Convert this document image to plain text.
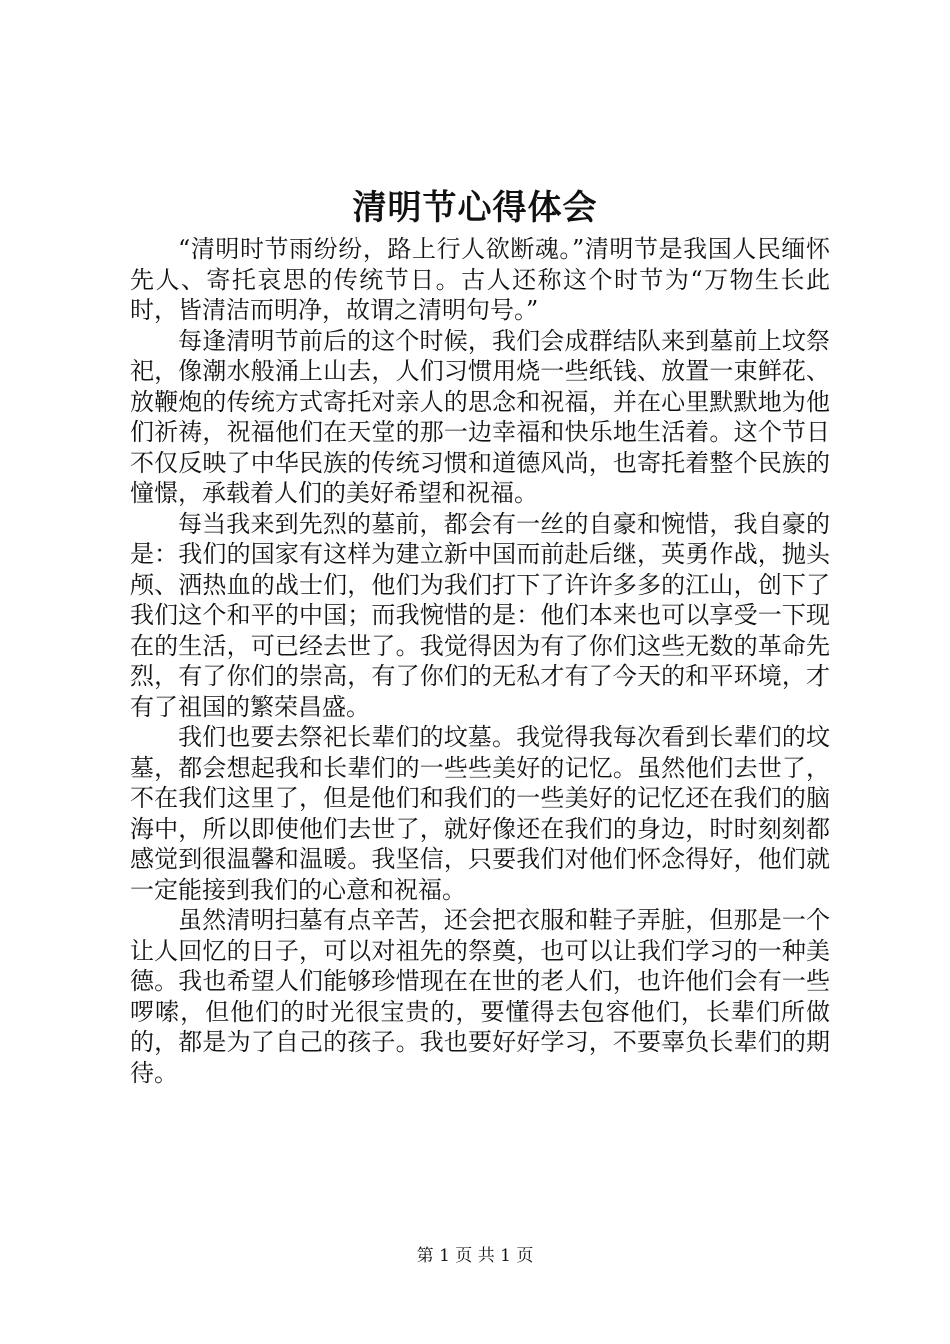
清明节心得体会

“清明时节雨纷纷，路上行人欲断魂。”清明节是我国人民缅怀先人、寄托哀思的传统节日。古人还称这个时节为“万物生长此时，皆清洁而明净，故谓之清明句号。”

每逢清明节前后的这个时候，我们会成群结队来到墓前上坟祭祀，像潮水般涌上山去，人们习惯用烧一些纸钱、放置一束鲜花、放鞭炮的传统方式寄托对亲人的思念和祝福，并在心里默默地为他们祈祷，祝福他们在天堂的那一边幸福和快乐地生活着。这个节日不仅反映了中华民族的传统习惯和道德风尚，也寄托着整个民族的憧憬，承载着人们的美好希望和祝福。

每当我来到先烈的墓前，都会有一丝的自豪和惋惜，我自豪的是：我们的国家有这样为建立新中国而前赴后继，英勇作战，抛头颅、洒热血的战士们，他们为我们打下了许许多多的江山，创下了我们这个和平的中国；而我惋惜的是：他们本来也可以享受一下现在的生活，可已经去世了。我觉得因为有了你们这些无数的革命先烈，有了你们的崇高，有了你们的无私才有了今天的和平环境，才有了祖国的繁荣昌盛。

我们也要去祭祀长辈们的坟墓。我觉得我每次看到长辈们的坟墓，都会想起我和长辈们的一些些美好的记忆。虽然他们去世了，不在我们这里了，但是他们和我们的一些美好的记忆还在我们的脑海中，所以即使他们去世了，就好像还在我们的身边，时时刻刻都感觉到很温馨和温暖。我坚信，只要我们对他们怀念得好，他们就一定能接到我们的心意和祝福。

虽然清明扫墓有点辛苦，还会把衣服和鞋子弄脏，但那是一个让人回忆的日子，可以对祖先的祭奠，也可以让我们学习的一种美德。我也希望人们能够珍惜现在在世的老人们，也许他们会有一些啰嗦，但他们的时光很宝贵的，要懂得去包容他们，长辈们所做的，都是为了自己的孩子。我也要好好学习，不要辜负长辈们的期待。

第 1 页 共 1 页
